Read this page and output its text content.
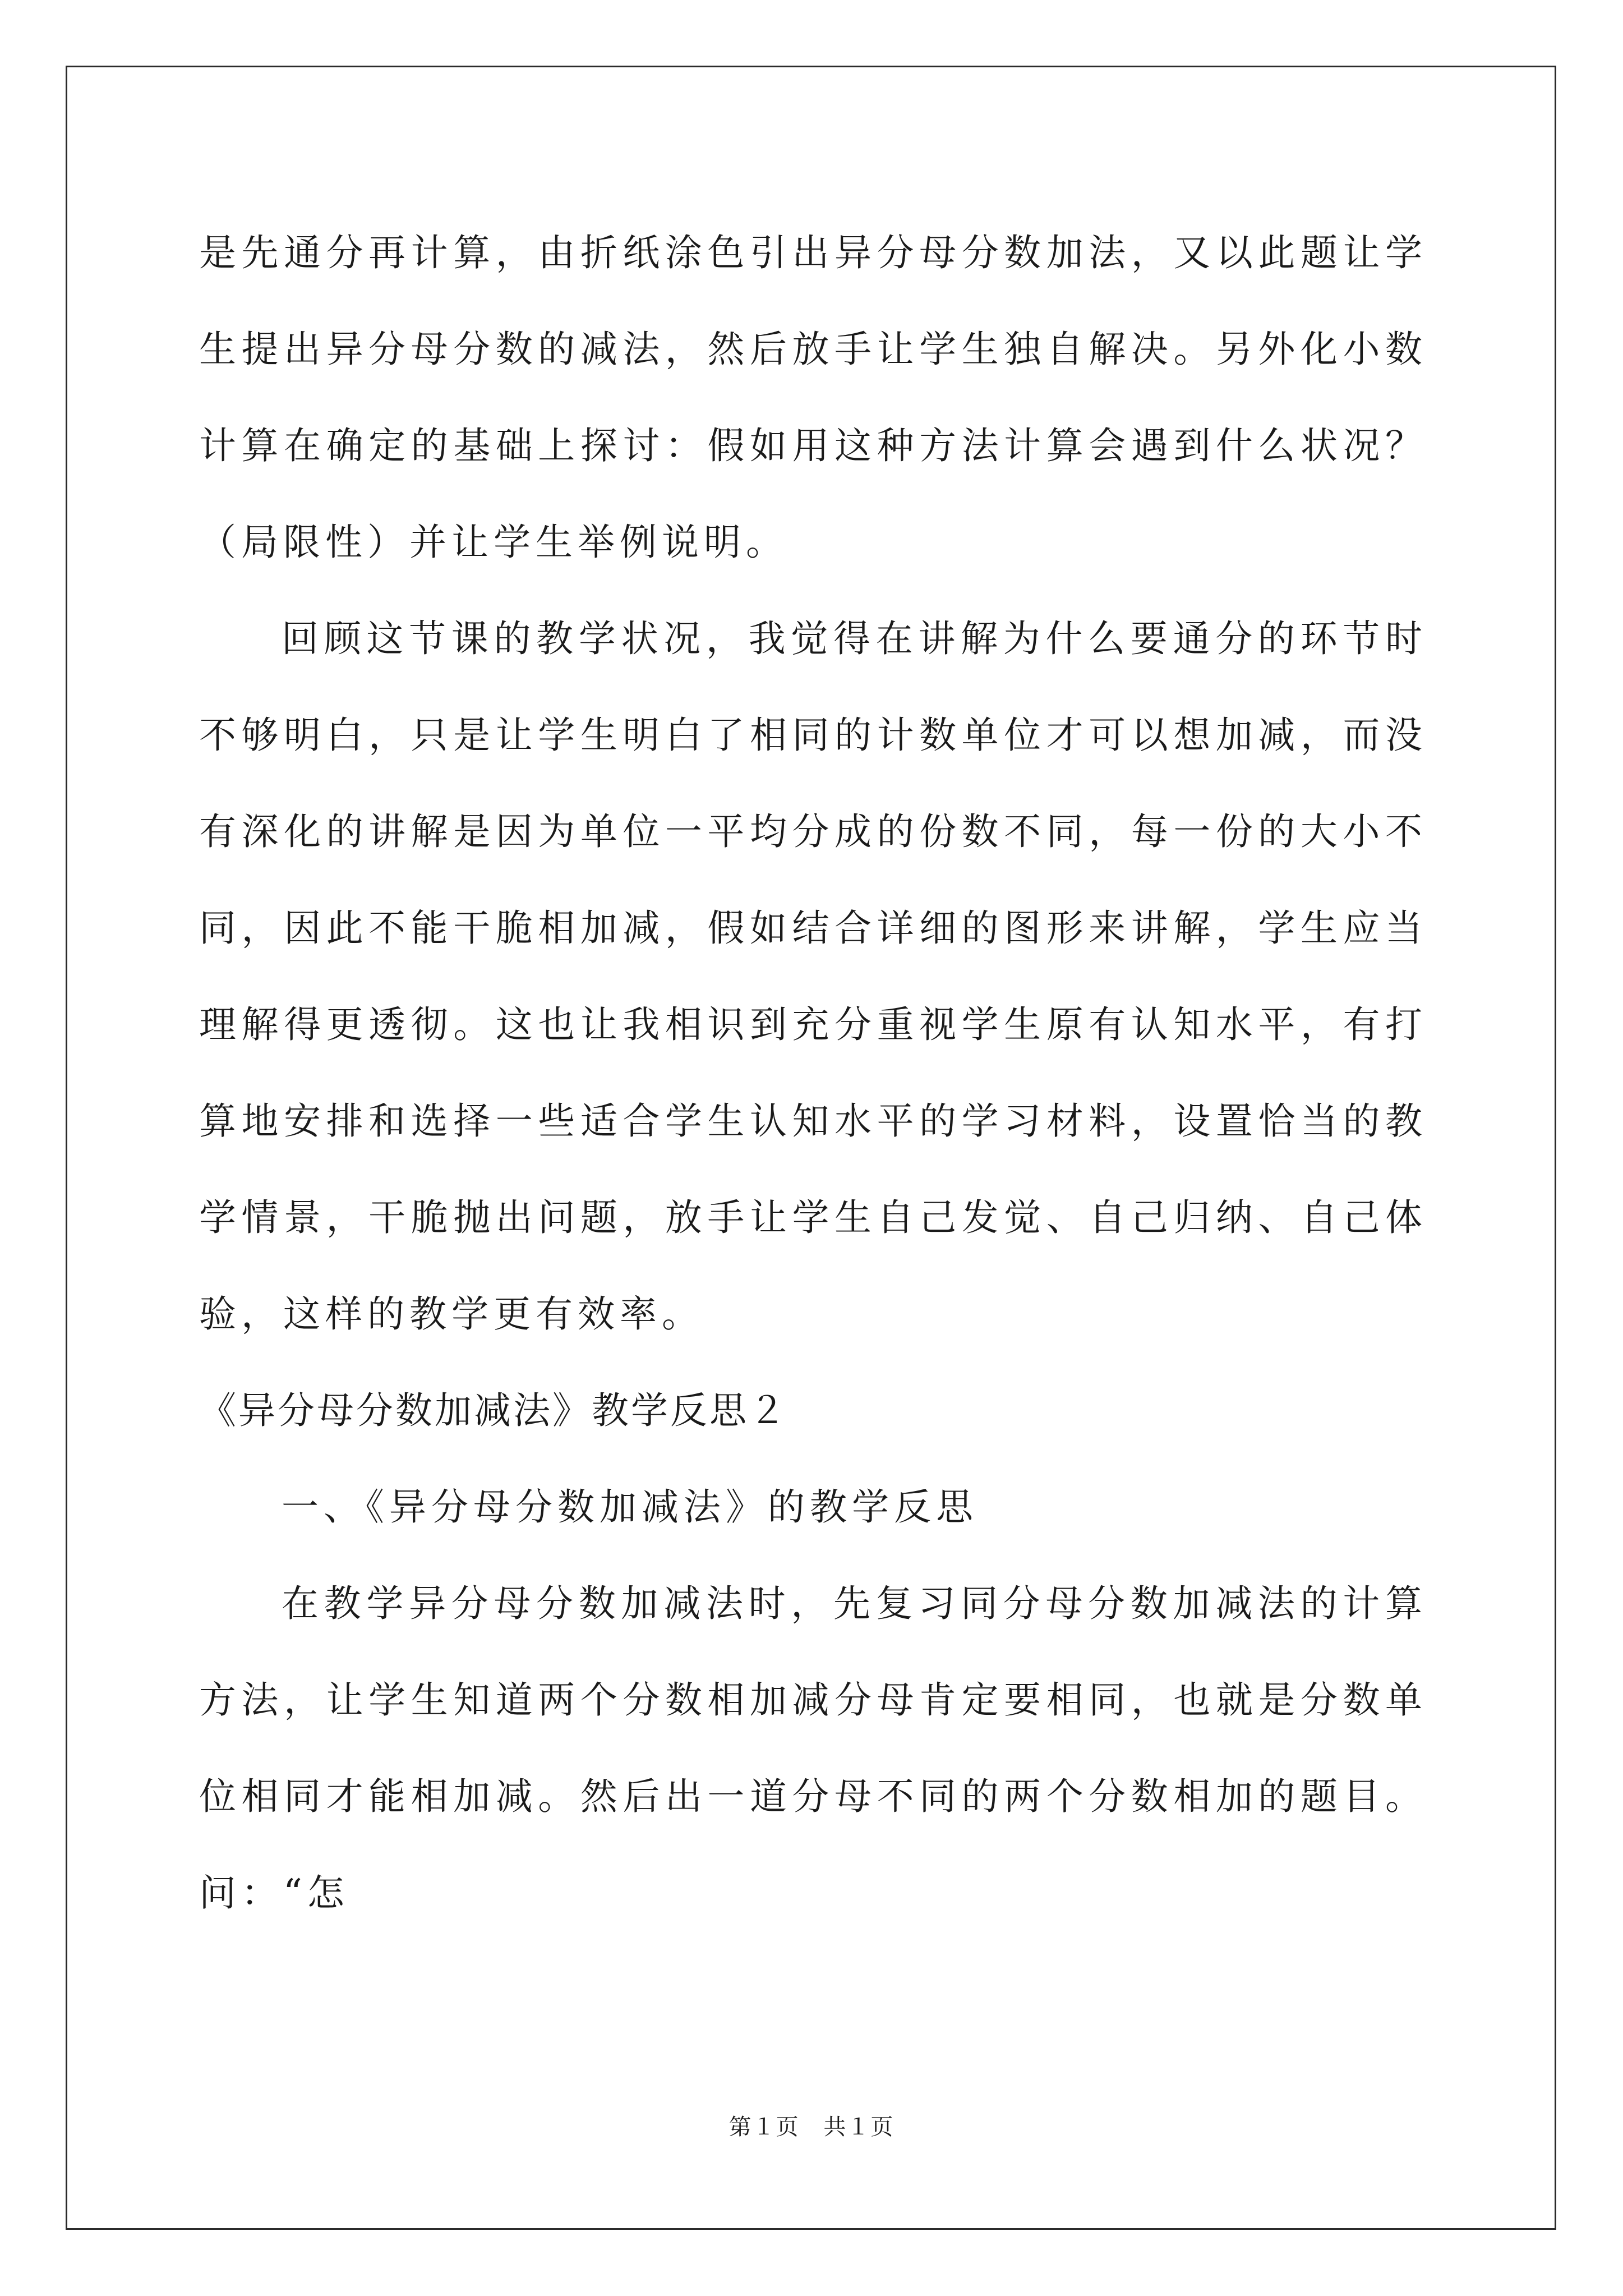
是先通分再计算，由折纸涂色引出异分母分数加法，又以此题让学生提出异分母分数的减法，然后放手让学生独自解决。另外化小数计算在确定的基础上探讨：假如用这种方法计算会遇到什么状况？（局限性）并让学生举例说明。

回顾这节课的教学状况，我觉得在讲解为什么要通分的环节时不够明白，只是让学生明白了相同的计数单位才可以想加减，而没有深化的讲解是因为单位一平均分成的份数不同，每一份的大小不同，因此不能干脆相加减，假如结合详细的图形来讲解，学生应当理解得更透彻。这也让我相识到充分重视学生原有认知水平，有打算地安排和选择一些适合学生认知水平的学习材料，设置恰当的教学情景，干脆抛出问题，放手让学生自己发觉、自己归纳、自己体验，这样的教学更有效率。

《异分母分数加减法》教学反思２

一、《异分母分数加减法》的教学反思

在教学异分母分数加减法时，先复习同分母分数加减法的计算方法，让学生知道两个分数相加减分母肯定要相同，也就是分数单位相同才能相加减。然后出一道分母不同的两个分数相加的题目。问：“怎

第１页 共１页
